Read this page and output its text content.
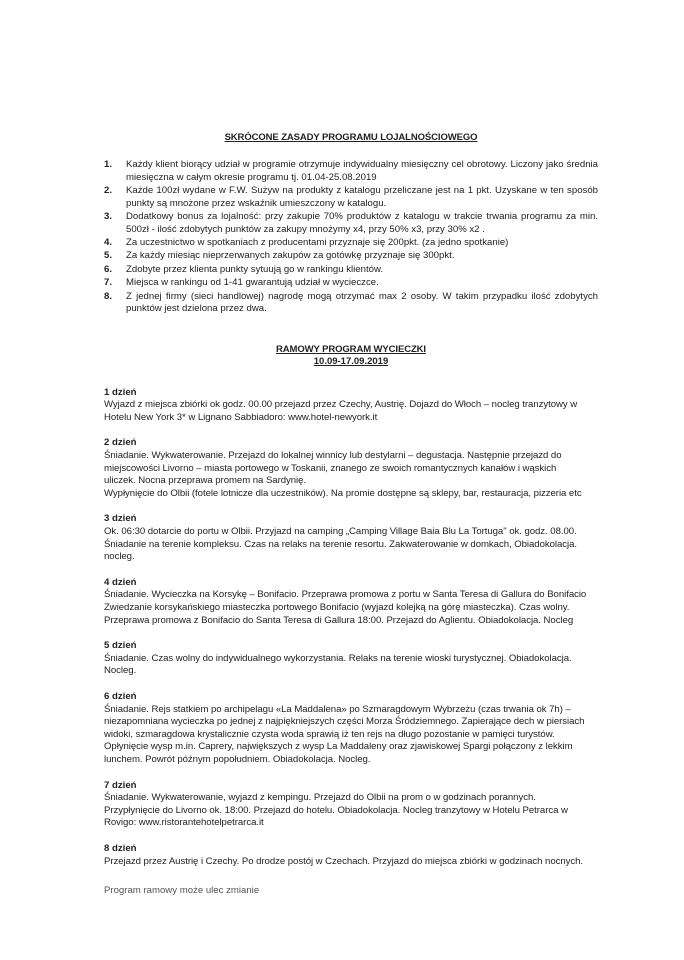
SKRÓCONE ZASADY PROGRAMU LOJALNOŚCIOWEGO
1. Każdy klient biorący udział w programie otrzymuje indywidualny miesięczny cel obrotowy. Liczony jako średnia miesięczna w całym okresie programu tj. 01.04-25.08.2019
2. Każde 100zł wydane w F.W. Sużyw na produkty z katalogu przeliczane jest na 1 pkt. Uzyskane w ten sposób punkty są mnożone przez wskaźnik umieszczony w katalogu.
3. Dodatkowy bonus za lojalność: przy zakupie 70% produktów z katalogu w trakcie trwania programu za min. 500zł - ilość zdobytych punktów za zakupy mnożymy x4, przy 50% x3, przy 30% x2 .
4. Za uczestnictwo w spotkaniach z producentami przyznaje się 200pkt. (za jedno spotkanie)
5. Za każdy miesiąc nieprzerwanych zakupów za gotówkę przyznaje się 300pkt.
6. Zdobyte przez klienta punkty sytuują go w rankingu klientów.
7. Miejsca w rankingu od 1-41 gwarantują udział w wycieczce.
8. Z jednej firmy (sieci handlowej) nagrodę mogą otrzymać max 2 osoby. W takim przypadku ilość zdobytych punktów jest dzielona przez dwa.
RAMOWY PROGRAM WYCIECZKI
10.09-17.09.2019
1 dzień
Wyjazd z miejsca zbiórki ok godz. 00.00 przejazd przez Czechy, Austrię. Dojazd do Włoch – nocleg tranzytowy w
Hotelu New York 3* w Lignano Sabbiadoro: www.hotel-newyork.it
2 dzień
Śniadanie. Wykwaterowanie. Przejazd do lokalnej winnicy lub destylarni – degustacja. Następnie przejazd do
miejscowości Livorno – miasta portowego w Toskanii, znanego ze swoich romantycznych kanałów i wąskich
uliczek. Nocna przeprawa promem na Sardynię.
Wypłynięcie do Olbii (fotele lotnicze dla uczestników). Na promie dostępne są sklepy, bar, restauracja, pizzeria etc
3 dzień
Ok. 06:30 dotarcie do portu w Olbii. Przyjazd na camping „Camping Village Baia Blu La Tortuga" ok. godz. 08.00.
Śniadanie na terenie kompleksu. Czas na relaks na terenie resortu. Zakwaterowanie w domkach, Obiadokolacja.
nocleg.
4 dzień
Śniadanie. Wycieczka na Korsykę – Bonifacio. Przeprawa promowa z portu w Santa Teresa di Gallura do Bonifacio
Zwiedzanie korsykańskiego miasteczka portowego Bonifacio (wyjazd kolejką na górę miasteczka). Czas wolny.
Przeprawa promowa z Bonifacio do Santa Teresa di Gallura 18:00. Przejazd do Aglientu. Obiadokolacja. Nocleg
5 dzień
Śniadanie. Czas wolny do indywidualnego wykorzystania. Relaks na terenie wioski turystycznej. Obiadokolacja.
Nocleg.
6 dzień
Śniadanie. Rejs statkiem po archipelagu «La Maddalena» po Szmaragdowym Wybrzeżu (czas trwania ok 7h) –
niezapomniana wycieczka po jednej z najpiękniejszych części Morza Śródziemnego. Zapierające dech w piersiach
widoki, szmaragdowa krystalicznie czysta woda sprawią iż ten rejs na długo pozostanie w pamięci turystów.
Opłynięcie wysp m.in. Caprery, największych z wysp La Maddaleny oraz zjawiskowej Spargi połączony z lekkim
lunchem. Powrót późnym popołudniem. Obiadokolacja. Nocleg.
7 dzień
Śniadanie. Wykwaterowanie, wyjazd z kempingu. Przejazd do Olbii na prom o w godzinach porannych.
Przypłynięcie do Livorno ok. 18:00. Przejazd do hotelu. Obiadokolacja. Nocleg tranzytowy w Hotelu Petrarca w
Rovigo: www.ristorantehotelpetrarca.it
8 dzień
Przejazd przez Austrię i Czechy. Po drodze postój w Czechach. Przyjazd do miejsca zbiórki w godzinach nocnych.
Program ramowy może ulec zmianie
